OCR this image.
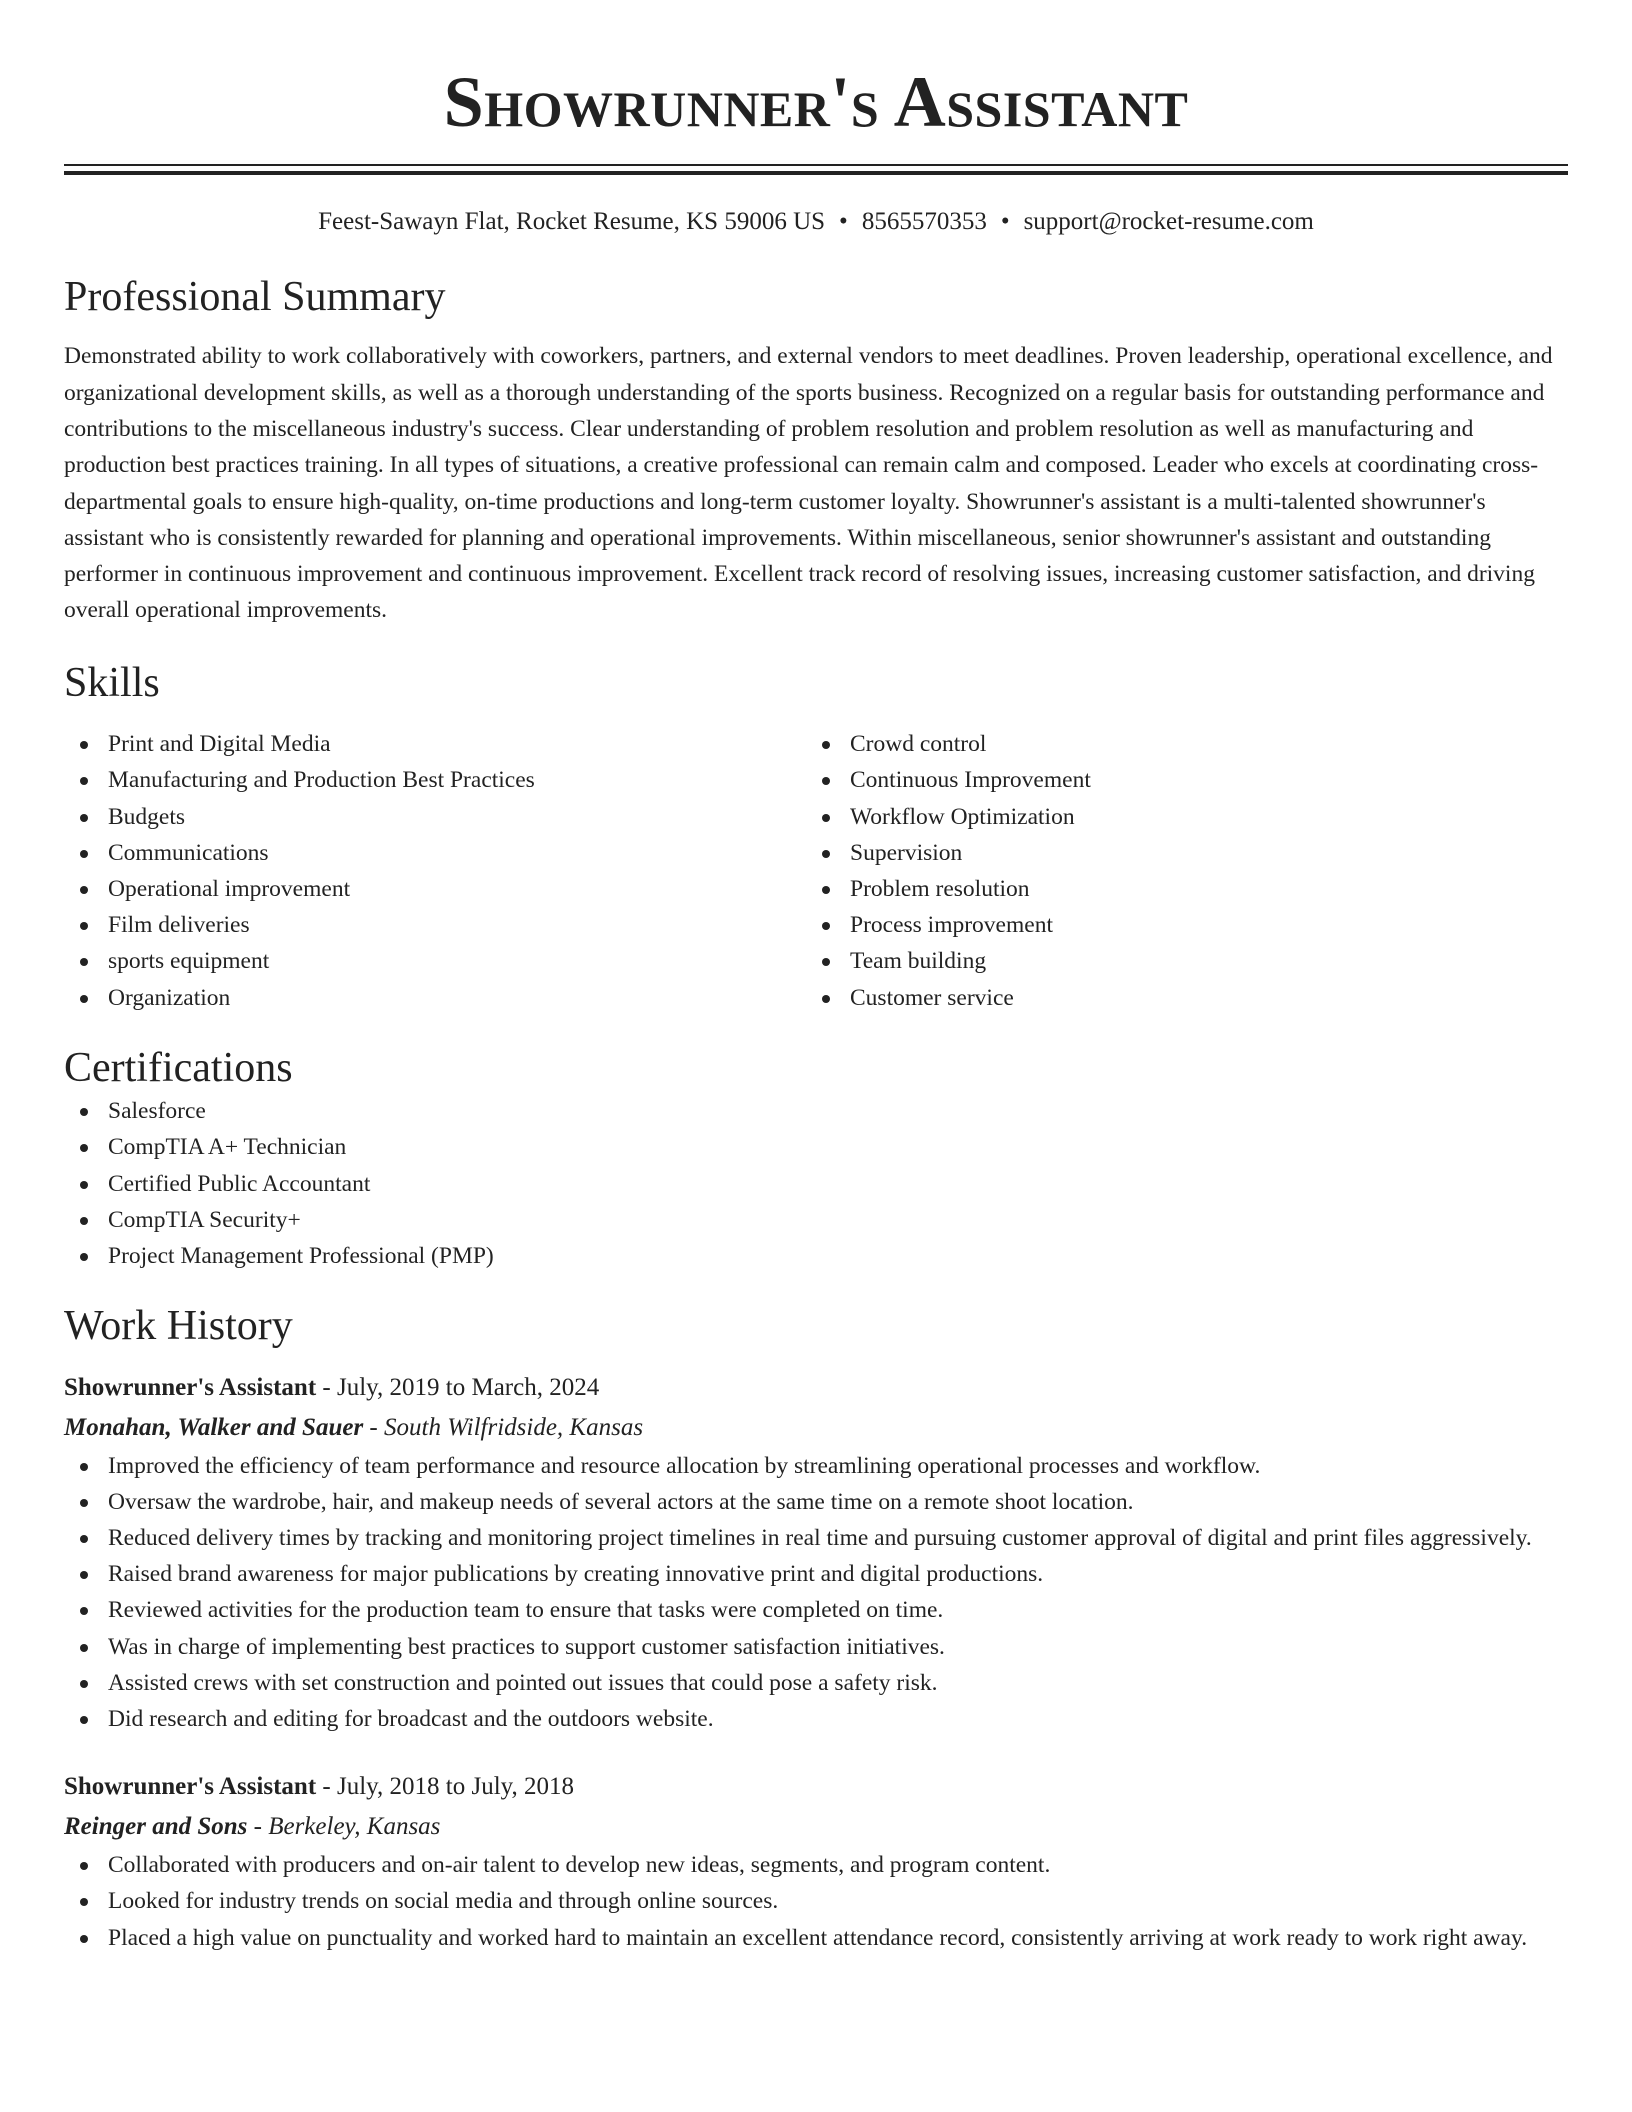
Showrunner's Assistant
Feest-Sawayn Flat, Rocket Resume, KS 59006 US • 8565570353 • support@rocket-resume.com
Professional Summary

Demonstrated ability to work collaboratively with coworkers, partners, and external vendors to meet deadlines. Proven leadership, operational excellence, and organizational development skills, as well as a thorough understanding of the sports business. Recognized on a regular basis for outstanding performance and contributions to the miscellaneous industry's success. Clear understanding of problem resolution and problem resolution as well as manufacturing and production best practices training. In all types of situations, a creative professional can remain calm and composed. Leader who excels at coordinating cross-departmental goals to ensure high-quality, on-time productions and long-term customer loyalty. Showrunner's assistant is a multi-talented showrunner's assistant who is consistently rewarded for planning and operational improvements. Within miscellaneous, senior showrunner's assistant and outstanding performer in continuous improvement and continuous improvement. Excellent track record of resolving issues, increasing customer satisfaction, and driving overall operational improvements.

Skills
Print and Digital Media
Manufacturing and Production Best Practices
Budgets
Communications
Operational improvement
Film deliveries
sports equipment
Organization
Crowd control
Continuous Improvement
Workflow Optimization
Supervision
Problem resolution
Process improvement
Team building
Customer service
Certifications
Salesforce
CompTIA A+ Technician
Certified Public Accountant
CompTIA Security+
Project Management Professional (PMP)
Work History
Showrunner's Assistant - July, 2019 to March, 2024
Monahan, Walker and Sauer - South Wilfridside, Kansas
Improved the efficiency of team performance and resource allocation by streamlining operational processes and workflow.
Oversaw the wardrobe, hair, and makeup needs of several actors at the same time on a remote shoot location.
Reduced delivery times by tracking and monitoring project timelines in real time and pursuing customer approval of digital and print files aggressively.
Raised brand awareness for major publications by creating innovative print and digital productions.
Reviewed activities for the production team to ensure that tasks were completed on time.
Was in charge of implementing best practices to support customer satisfaction initiatives.
Assisted crews with set construction and pointed out issues that could pose a safety risk.
Did research and editing for broadcast and the outdoors website.
Showrunner's Assistant - July, 2018 to July, 2018
Reinger and Sons - Berkeley, Kansas
Collaborated with producers and on-air talent to develop new ideas, segments, and program content.
Looked for industry trends on social media and through online sources.
Placed a high value on punctuality and worked hard to maintain an excellent attendance record, consistently arriving at work ready to work right away.
